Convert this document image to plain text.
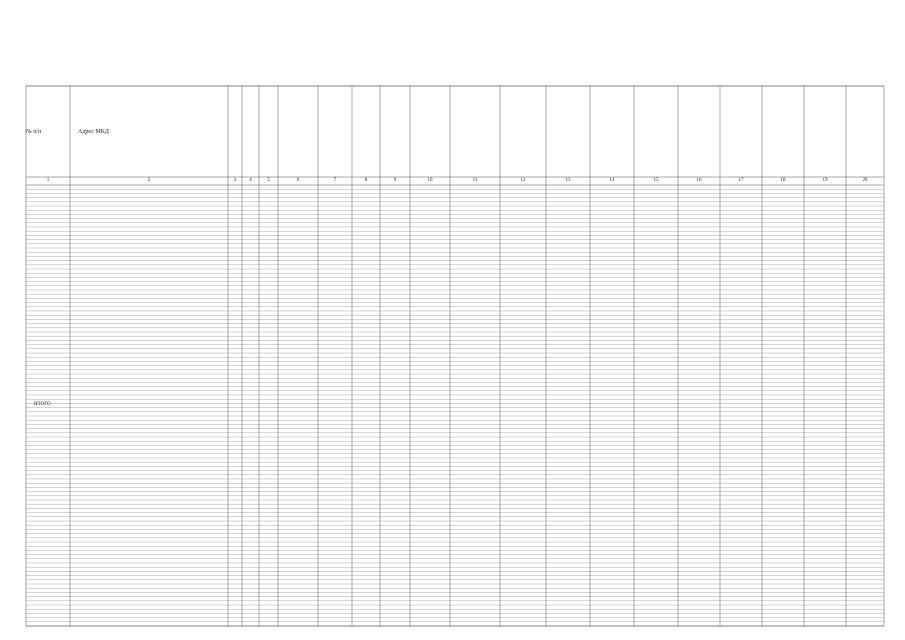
№ п/п	Адрес МКД

1	2	3	4	5	6	7	8	9	10	11	12	13	14	15	16	17	18	19	20

ИТОГО
